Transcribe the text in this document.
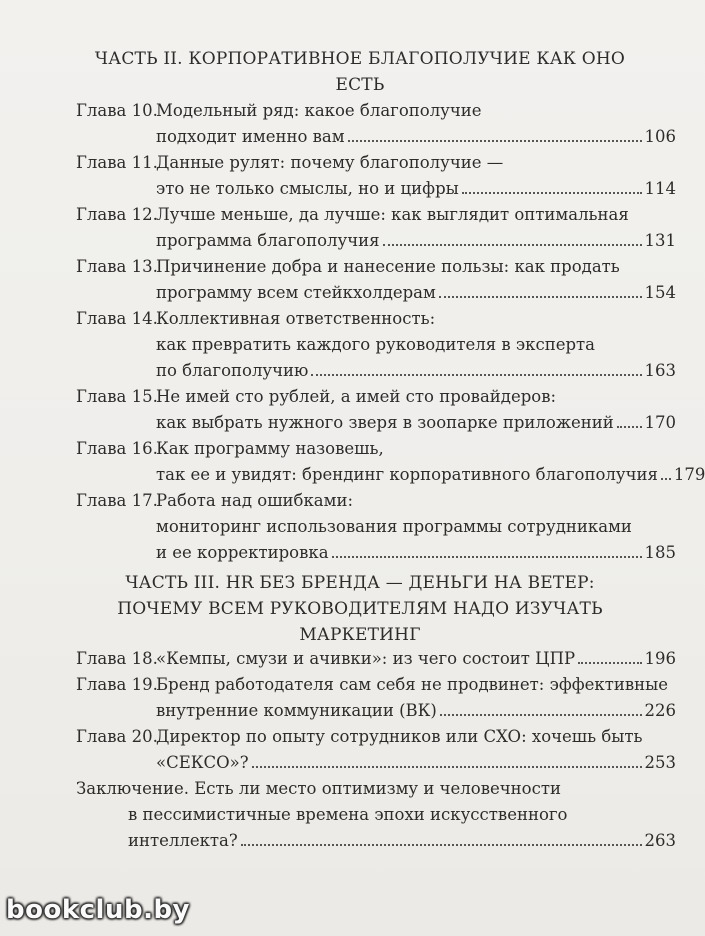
ЧАСТЬ II. КОРПОРАТИВНОЕ БЛАГОПОЛУЧИЕ КАК ОНО
ЕСТЬ
Глава 10.
Модельный ряд: какое благополучие
подходит именно вам	106
Глава 11.
Данные рулят: почему благополучие —
это не только смыслы, но и цифры	114
Глава 12.
Лучше меньше, да лучше: как выглядит оптимальная
программа благополучия	131
Глава 13.
Причинение добра и нанесение пользы: как продать
программу всем стейкхолдерам	154
Глава 14.
Коллективная ответственность:
как превратить каждого руководителя в эксперта
по благополучию	163
Глава 15.
Не имей сто рублей, а имей сто провайдеров:
как выбрать нужного зверя в зоопарке приложений 170
Глава 16.
Как программу назовешь,
так ее и увидят: брендинг корпоративного благополучия 179
Глава 17.
Работа над ошибками:
мониторинг использования программы сотрудниками
и ее корректировка	185
ЧАСТЬ III. HR БЕЗ БРЕНДА — ДЕНЬГИ НА ВЕТЕР:
ПОЧЕМУ ВСЕМ РУКОВОДИТЕЛЯМ НАДО ИЗУЧАТЬ
МАРКЕТИНГ
Глава 18.
«Кемпы, смузи и ачивки»: из чего состоит ЦПР	196
Глава 19.
Бренд работодателя сам себя не продвинет: эффективные
внутренние коммуникации (ВК)	226
Глава 20.
Директор по опыту сотрудников или CXO: хочешь быть
«СЕКСО»?	253
Заключение. Есть ли место оптимизму и человечности
в пессимистичные времена эпохи искусственного
интеллекта?	263
bookclub.by
